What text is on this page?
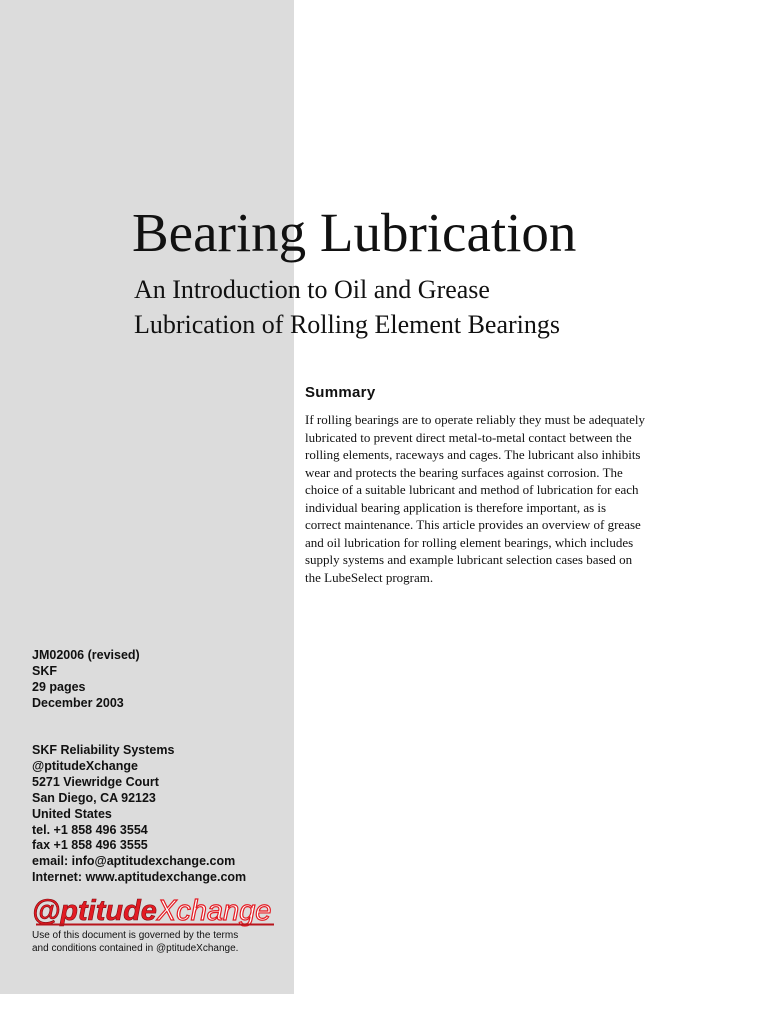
Bearing Lubrication
An Introduction to Oil and Grease
Lubrication of Rolling Element Bearings
Summary
If rolling bearings are to operate reliably they must be adequately
lubricated to prevent direct metal-to-metal contact between the
rolling elements, raceways and cages. The lubricant also inhibits
wear and protects the bearing surfaces against corrosion. The
choice of a suitable lubricant and method of lubrication for each
individual bearing application is therefore important, as is
correct maintenance. This article provides an overview of grease
and oil lubrication for rolling element bearings, which includes
supply systems and example lubricant selection cases based on
the LubeSelect program.
JM02006 (revised)
SKF
29 pages
December 2003
SKF Reliability Systems
@ptitudeXchange
5271 Viewridge Court
San Diego, CA 92123
United States
tel. +1 858 496 3554
fax +1 858 496 3555
email: info@aptitudexchange.com
Internet: www.aptitudexchange.com
@ptitudeXchange
Use of this document is governed by the terms
and conditions contained in @ptitudeXchange.
